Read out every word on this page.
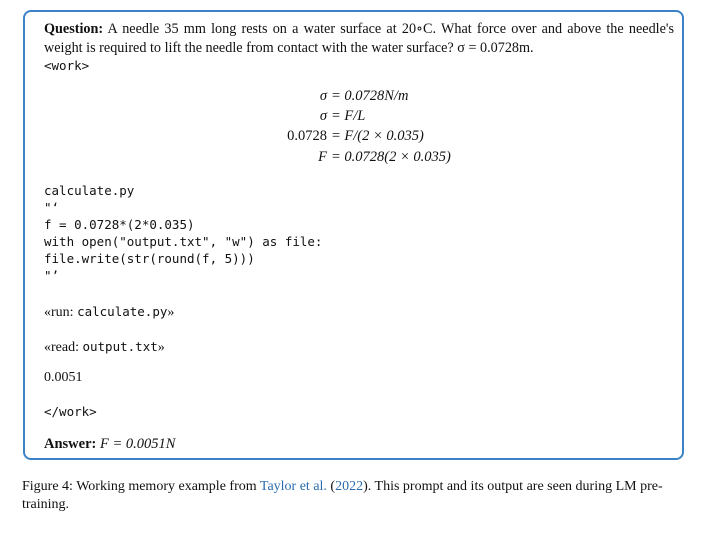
Question: A needle 35 mm long rests on a water surface at 20∘C. What force over and above the needle's weight is required to lift the needle from contact with the water surface? σ = 0.0728m.
<work>
σ = 0.0728N/m
σ = F/L
0.0728 = F/(2 × 0.035)
F = 0.0728(2 × 0.035)
calculate.py
"‘
f = 0.0728*(2*0.035)
with open("output.txt", "w") as file:
file.write(str(round(f, 5)))
"’
«run: calculate.py»
«read: output.txt»
0.0051
</work>
Answer: F = 0.0051N
Figure 4: Working memory example from Taylor et al. (2022). This prompt and its output are seen during LM pre-training.
